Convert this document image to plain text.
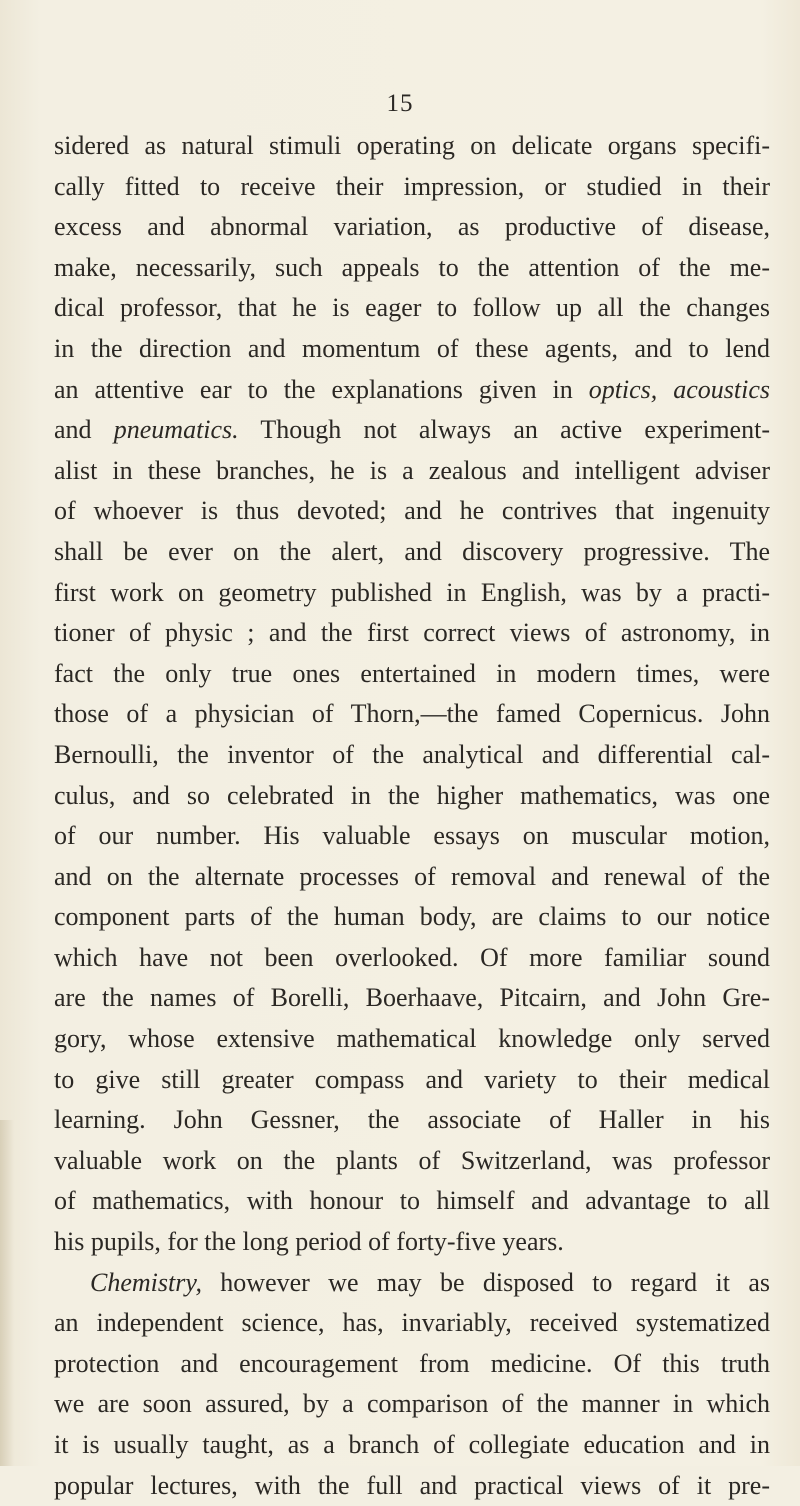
15
sidered as natural stimuli operating on delicate organs specifi-
cally fitted to receive their impression, or studied in their
excess and abnormal variation, as productive of disease,
make, necessarily, such appeals to the attention of the me-
dical professor, that he is eager to follow up all the changes
in the direction and momentum of these agents, and to lend
an attentive ear to the explanations given in optics, acoustics
and pneumatics. Though not always an active experiment-
alist in these branches, he is a zealous and intelligent adviser
of whoever is thus devoted; and he contrives that ingenuity
shall be ever on the alert, and discovery progressive. The
first work on geometry published in English, was by a practi-
tioner of physic ; and the first correct views of astronomy, in
fact the only true ones entertained in modern times, were
those of a physician of Thorn,—the famed Copernicus. John
Bernoulli, the inventor of the analytical and differential cal-
culus, and so celebrated in the higher mathematics, was one
of our number. His valuable essays on muscular motion,
and on the alternate processes of removal and renewal of the
component parts of the human body, are claims to our notice
which have not been overlooked. Of more familiar sound
are the names of Borelli, Boerhaave, Pitcairn, and John Gre-
gory, whose extensive mathematical knowledge only served
to give still greater compass and variety to their medical
learning. John Gessner, the associate of Haller in his
valuable work on the plants of Switzerland, was professor
of mathematics, with honour to himself and advantage to all
his pupils, for the long period of forty-five years.
Chemistry, however we may be disposed to regard it as
an independent science, has, invariably, received systematized
protection and encouragement from medicine. Of this truth
we are soon assured, by a comparison of the manner in which
it is usually taught, as a branch of collegiate education and in
popular lectures, with the full and practical views of it pre-
